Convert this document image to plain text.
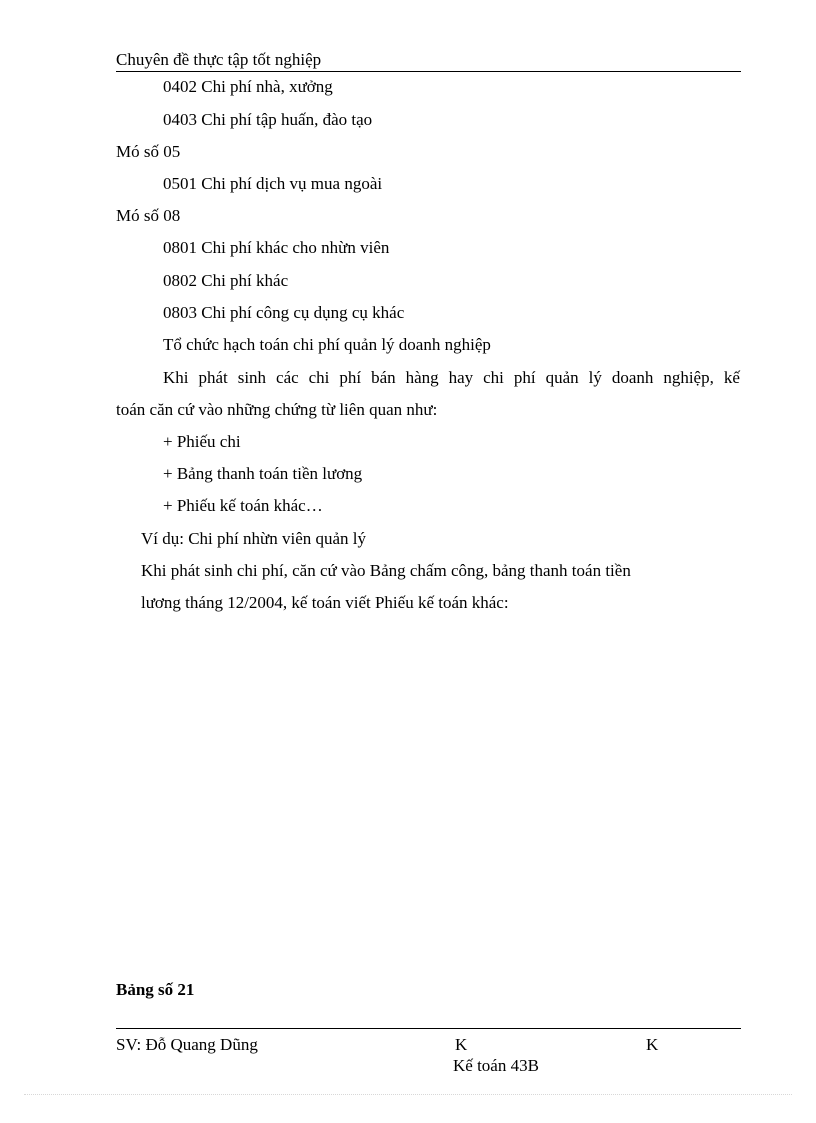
Chuyên đề thực tập tốt nghiệp
0402 Chi phí nhà, xưởng
0403 Chi phí tập huấn, đào tạo
Mó số 05
0501 Chi phí dịch vụ mua ngoài
Mó số 08
0801 Chi phí khác cho nhừn viên
0802 Chi phí khác
0803 Chi phí công cụ dụng cụ khác
Tổ chức hạch toán chi phí quản lý doanh nghiệp
Khi phát sinh các chi phí bán hàng hay chi phí quản lý doanh nghiệp, kế
toán căn cứ vào những chứng từ liên quan như:
+ Phiếu chi
+ Bảng thanh toán tiền lương
+ Phiếu kế toán khác…
Ví dụ: Chi phí nhừn viên quản lý
Khi phát sinh chi phí, căn cứ vào Bảng chấm công, bảng thanh toán tiền
lương tháng 12/2004, kế toán viết Phiếu kế toán khác:
Bảng số 21
SV: Đỗ Quang Dũng	K	K
Kế toán 43B
